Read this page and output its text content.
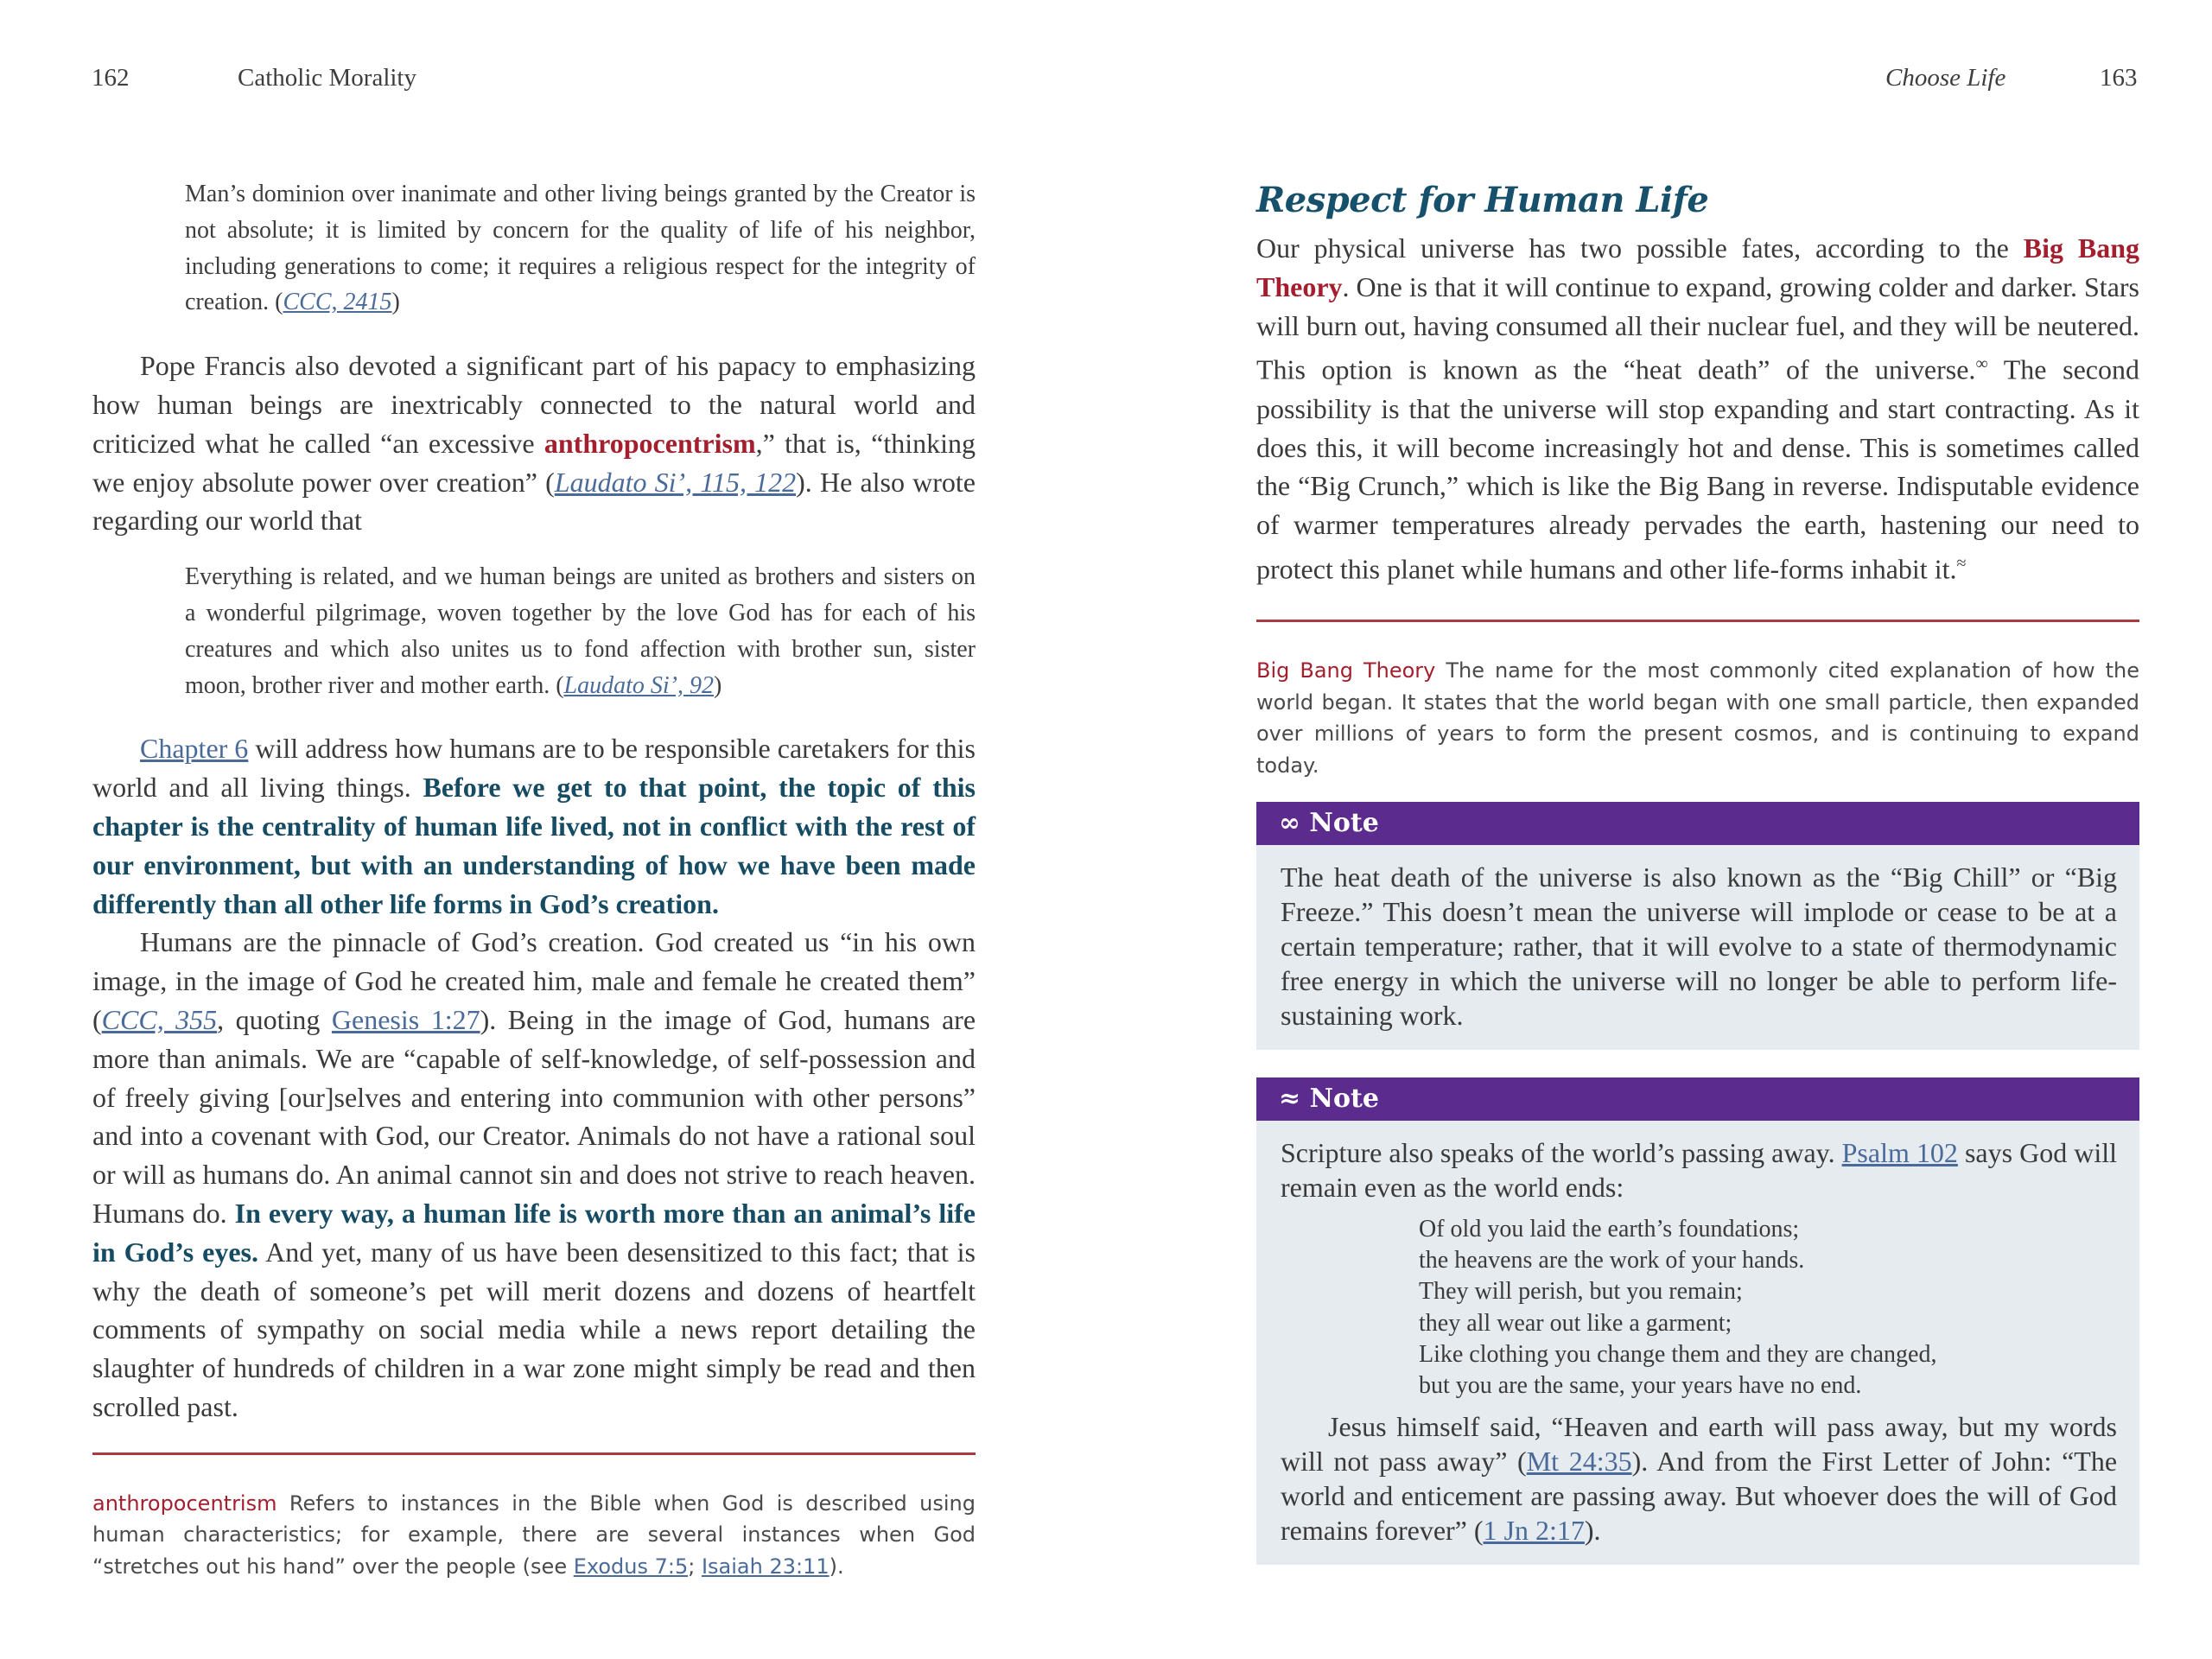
162	Catholic Morality

Man’s dominion over inanimate and other living beings granted by the Creator is not absolute; it is limited by concern for the quality of life of his neighbor, including generations to come; it requires a religious respect for the integrity of creation. (CCC, 2415)

Pope Francis also devoted a significant part of his papacy to emphasizing how human beings are inextricably connected to the natural world and criticized what he called “an excessive anthropocentrism,” that is, “thinking we enjoy absolute power over creation” (Laudato Si’, 115, 122). He also wrote regarding our world that

Everything is related, and we human beings are united as brothers and sisters on a wonderful pilgrimage, woven together by the love God has for each of his creatures and which also unites us to fond affection with brother sun, sister moon, brother river and mother earth. (Laudato Si’, 92)

Chapter 6 will address how humans are to be responsible caretakers for this world and all living things. Before we get to that point, the topic of this chapter is the centrality of human life lived, not in conflict with the rest of our environment, but with an understanding of how we have been made differently than all other life forms in God’s creation.

Humans are the pinnacle of God’s creation. God created us “in his own image, in the image of God he created him, male and female he created them” (CCC, 355, quoting Genesis 1:27). Being in the image of God, humans are more than animals. We are “capable of self-knowledge, of self-possession and of freely giving [our]selves and entering into communion with other persons” and into a covenant with God, our Creator. Animals do not have a rational soul or will as humans do. An animal cannot sin and does not strive to reach heaven. Humans do. In every way, a human life is worth more than an animal’s life in God’s eyes. And yet, many of us have been desensitized to this fact; that is why the death of someone’s pet will merit dozens and dozens of heartfelt comments of sympathy on social media while a news report detailing the slaughter of hundreds of children in a war zone might simply be read and then scrolled past.

anthropocentrism Refers to instances in the Bible when God is described using human characteristics; for example, there are several instances when God “stretches out his hand” over the people (see Exodus 7:5; Isaiah 23:11).

Choose Life	163
Respect for Human Life

Our physical universe has two possible fates, according to the Big Bang Theory. One is that it will continue to expand, growing colder and darker. Stars will burn out, having consumed all their nuclear fuel, and they will be neutered. This option is known as the “heat death” of the universe.∞ The second possibility is that the universe will stop expanding and start contracting. As it does this, it will become increasingly hot and dense. This is sometimes called the “Big Crunch,” which is like the Big Bang in reverse. Indisputable evidence of warmer temperatures already pervades the earth, hastening our need to protect this planet while humans and other life-forms inhabit it.≈

Big Bang Theory The name for the most commonly cited explanation of how the world began. It states that the world began with one small particle, then expanded over millions of years to form the present cosmos, and is continuing to expand today.

∞ Note
The heat death of the universe is also known as the “Big Chill” or “Big Freeze.” This doesn’t mean the universe will implode or cease to be at a certain temperature; rather, that it will evolve to a state of thermodynamic free energy in which the universe will no longer be able to perform life-sustaining work.
≈ Note
Scripture also speaks of the world’s passing away. Psalm 102 says God will remain even as the world ends:
Of old you laid the earth’s foundations;
the heavens are the work of your hands.
They will perish, but you remain;
they all wear out like a garment;
Like clothing you change them and they are changed,
but you are the same, your years have no end.
Jesus himself said, “Heaven and earth will pass away, but my words will not pass away” (Mt 24:35). And from the First Letter of John: “The world and enticement are passing away. But whoever does the will of God remains forever” (1 Jn 2:17).
